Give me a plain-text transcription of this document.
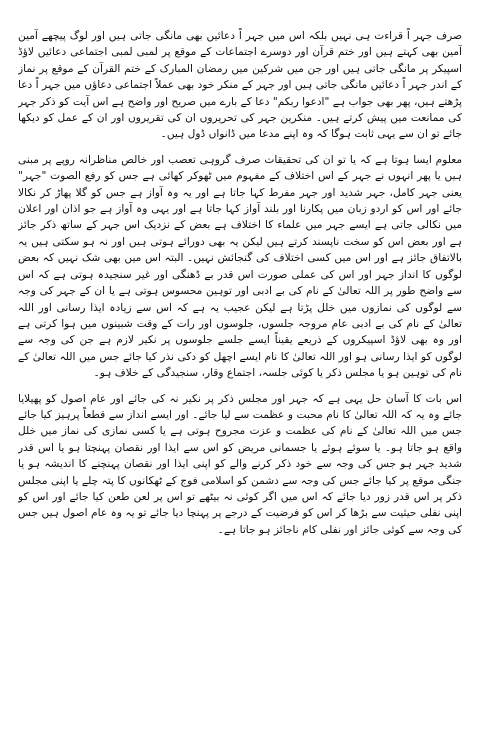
صرف جہر اً قراءت ہی نہیں بلکہ اس میں جہر اً دعائیں بھی مانگی جاتی ہیں اور لوگ پیچھے آمین آمین بھی کہتے ہیں اور ختم قرآن اور دوسرے اجتماعات کے موقع پر لمبی لمبی اجتماعی دعائیں لاؤڈ اسپیکر پر مانگی جاتی ہیں اور جن میں شرکین میں رمضان المبارک کے ختم القرآن کے موقع پر نماز کے اندر جہر اً دعائیں مانگی جاتی ہیں اور جہر کے منکر خود بھی عملاً اجتماعی دعاؤں میں جہر اً دعا پڑھتے ہیں، پھر بھی جواب ہے "ادعوا ربکم" دعا کے بارے میں صریح اور واضح ہے اس آیت کو ذکر جہر کی ممانعت میں پیش کرتے ہیں۔ منکرین جہر کی تحریروں ان کی تقریروں اور ان کے عمل کو دیکھا جائے تو ان سے یہی ثابت ہوگا کہ وہ اپنے مدعا میں ڈانواں ڈول ہیں۔

معلوم ایسا ہوتا ہے کہ یا تو ان کی تحقیقات صرف گروہی تعصب اور خالص مناظرانہ روپے پر مبنی ہیں یا پھر انہوں نے جہر کے اس اختلاف کے مفہوم میں ٹھوکر کھائی ہے جس کو رفع الصوت "جہر" یعنی جہر کامل، جہر شدید اور جہر مفرط کہا جاتا ہے اور یہ وہ آواز ہے جس کو گلا پھاڑ کر نکالا جائے اور اس کو اردو زبان میں پکارنا اور بلند آواز کہا جاتا ہے اور یہی وہ آواز ہے جو اذان اور اعلان میں نکالی جاتی ہے ایسے جہر میں علماء کا اختلاف ہے بعض کے نزدیک اس جہر کے ساتھ ذکر جائز ہے اور بعض اس کو سخت ناپسند کرتے ہیں لیکن یہ بھی دورائے ہوتی ہیں اور نہ ہو سکتی ہیں یہ بالاتفاق جائز ہے اور اس میں کسی اختلاف کی گنجائش نہیں۔ البتہ اس میں بھی شک نہیں کہ بعض لوگوں کا انداز جہر اور اس کی عملی صورت اس قدر بے ڈھنگی اور غیر سنجیدہ ہوتی ہے کہ اس سے واضح طور پر اللہ تعالیٰ کے نام کی بے ادبی اور توہین محسوس ہوتی ہے یا ان کے جہر کی وجہ سے لوگوں کی نمازوں میں خلل پڑتا ہے لیکن عجیب یہ ہے کہ اس سے زیادہ ایذا رسانی اور اللہ تعالیٰ کے نام کی بے ادبی عام مروجہ جلسوں، جلوسوں اور رات کے وقت شبینوں میں ہوا کرتی ہے اور وہ بھی لاؤڈ اسپیکروں کے ذریعے یقیناً ایسے جلسے جلوسوں پر نکیر لازم ہے جن کی وجہ سے لوگوں کو ایذا رسانی ہو اور اللہ تعالیٰ کا نام ایسے اچھل کو دکی نذر کیا جائے جس میں اللہ تعالیٰ کے نام کی توہین ہو یا مجلس ذکر یا کوئی جلسہ، اجتماع وقار، سنجیدگی کے خلاف ہو۔

اس بات کا آسان حل یہی ہے کہ جہر اور مجلس ذکر پر نکیر نہ کی جائے اور عام اصول کو پھیلایا جائے وہ یہ کہ اللہ تعالیٰ کا نام محبت و عظمت سے لیا جائے۔ اور ایسے انداز سے قطعاً پرہیز کیا جائے جس میں اللہ تعالیٰ کے نام کی عظمت و عزت مجروح ہوتی ہے یا کسی نمازی کی نماز میں خلل واقع ہو جاتا ہو۔ یا سوئے ہوئے یا جسمانی مریض کو اس سے ایذا اور نقصان پہنچتا ہو یا اس قدر شدید جہر ہو جس کی وجہ سے خود ذکر کرنے والے کو اپنی ایذا اور نقصان پہنچنے کا اندیشہ ہو یا جنگی موقع پر کیا جائے جس کی وجہ سے دشمن کو اسلامی فوج کے ٹھکانوں کا پتہ چلے یا اپنی مجلس ذکر پر اس قدر زور دیا جائے کہ اس میں اگر کوئی نہ بیٹھے تو اس پر لعن طعن کیا جائے اور اس کو اپنی نفلی حیثیت سے بڑھا کر اس کو فرضیت کے درجے پر پہنچا دیا جائے تو یہ وہ عام اصول ہیں جس کی وجہ سے کوئی جائز اور نفلی کام ناجائز ہو جاتا ہے۔
